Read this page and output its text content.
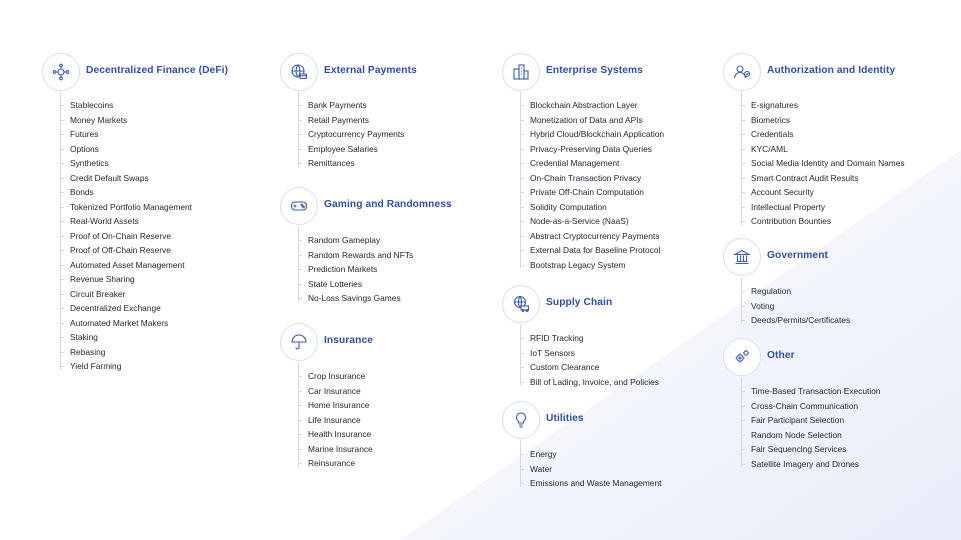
Decentralized Finance (DeFi)
Stablecoins
Money Markets
Futures
Options
Synthetics
Credit Default Swaps
Bonds
Tokenized Portfolio Management
Real-World Assets
Proof of On-Chain Reserve
Proof of Off-Chain Reserve
Automated Asset Management
Revenue Sharing
Circuit Breaker
Decentralized Exchange
Automated Market Makers
Staking
Rebasing
Yield Farming
External Payments
Bank Payments
Retail Payments
Cryptocurrency Payments
Employee Salaries
Remittances
Gaming and Randomness
Random Gameplay
Random Rewards and NFTs
Prediction Markets
State Lotteries
No-Loss Savings Games
Insurance
Crop Insurance
Car Insurance
Home Insurance
Life Insurance
Health Insurance
Marine Insurance
Reinsurance
Enterprise Systems
Blockchain Abstraction Layer
Monetization of Data and APIs
Hybrid Cloud/Blockchain Application
Privacy-Preserving Data Queries
Credential Management
On-Chain Transaction Privacy
Private Off-Chain Computation
Solidity Computation
Node-as-a-Service (NaaS)
Abstract Cryptocurrency Payments
External Data for Baseline Protocol
Bootstrap Legacy System
Supply Chain
RFID Tracking
IoT Sensors
Custom Clearance
Bill of Lading, Invoice, and Policies
Utilities
Energy
Water
Emissions and Waste Management
Authorization and Identity
E-signatures
Biometrics
Credentials
KYC/AML
Social Media Identity and Domain Names
Smart Contract Audit Results
Account Security
Intellectual Property
Contribution Bounties
Government
Regulation
Voting
Deeds/Permits/Certificates
Other
Time-Based Transaction Execution
Cross-Chain Communication
Fair Participant Selection
Random Node Selection
Fair Sequencing Services
Satellite Imagery and Drones
